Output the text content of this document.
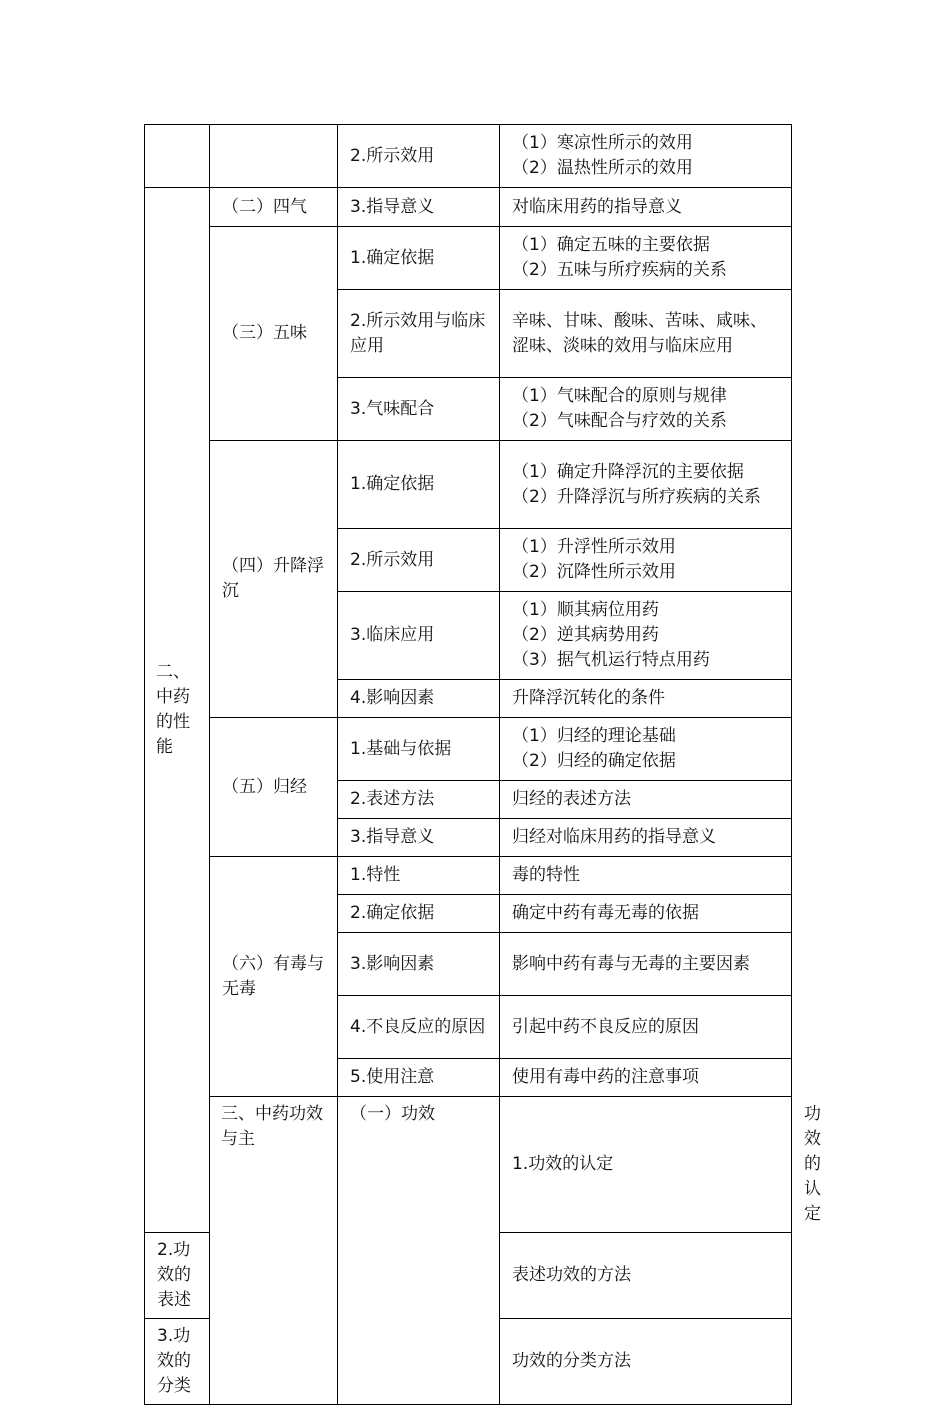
		2.所示效用	（1）寒凉性所示的效用
（2）温热性所示的效用	

二、中药的性能	（二）四气	3.指导意义	对临床用药的指导意义	

	（三）五味	1.确定依据	（1）确定五味的主要依据
（2）五味与所疗疾病的关系	

		2.所示效用与临床应用	辛味、甘味、酸味、苦味、咸味、涩味、淡味的效用与临床应用	

		3.气味配合	（1）气味配合的原则与规律
（2）气味配合与疗效的关系	

	（四）升降浮沉	1.确定依据	（1）确定升降浮沉的主要依据
（2）升降浮沉与所疗疾病的关系	

		2.所示效用	（1）升浮性所示效用
（2）沉降性所示效用	

		3.临床应用	（1）顺其病位用药
（2）逆其病势用药
（3）据气机运行特点用药	

		4.影响因素	升降浮沉转化的条件	

	（五）归经	1.基础与依据	（1）归经的理论基础
（2）归经的确定依据	

		2.表述方法	归经的表述方法	

		3.指导意义	归经对临床用药的指导意义	

	（六）有毒与无毒	1.特性	毒的特性	

		2.确定依据	确定中药有毒无毒的依据	

		3.影响因素	影响中药有毒与无毒的主要因素	

		4.不良反应的原因	引起中药不良反应的原因	

		5.使用注意	使用有毒中药的注意事项	

	三、中药功效与主	（一）功效	1.功效的认定	功效的认定

2.功效的表述			表述功效的方法	

3.功效的分类			功效的分类方法	
